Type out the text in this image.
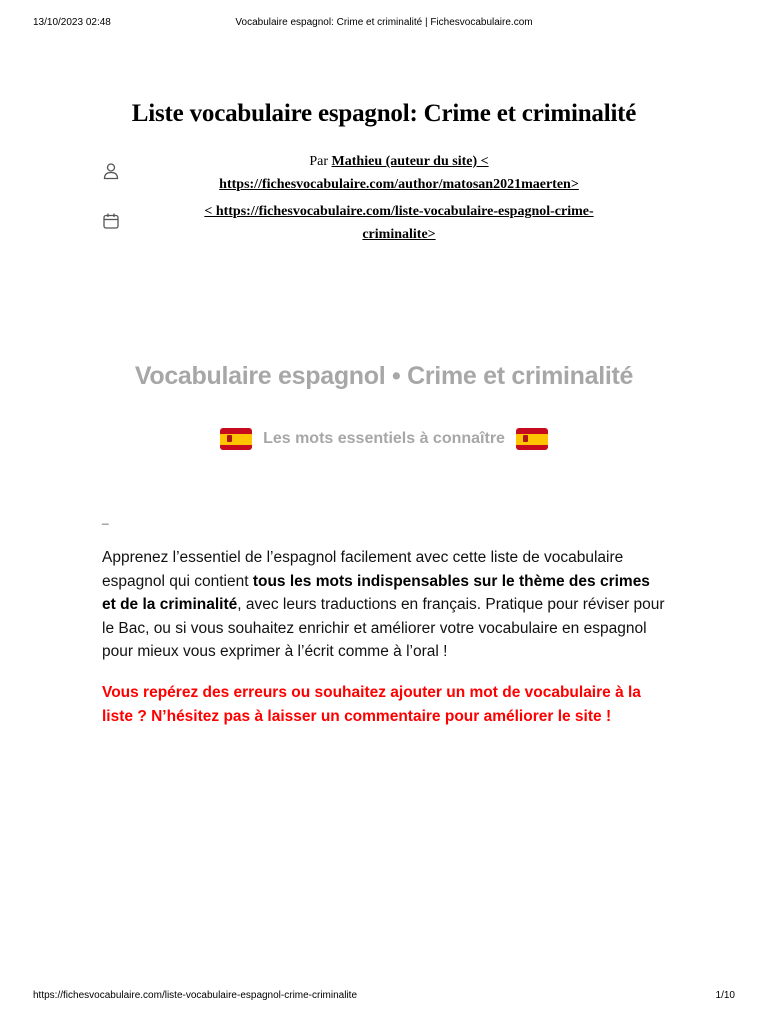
13/10/2023 02:48	Vocabulaire espagnol: Crime et criminalité | Fichesvocabulaire.com
Liste vocabulaire espagnol: Crime et criminalité
Par Mathieu (auteur du site) <
https://fichesvocabulaire.com/author/matosan2021maerten>
< https://fichesvocabulaire.com/liste-vocabulaire-espagnol-crime-
criminalite>
Vocabulaire espagnol • Crime et criminalité
Les mots essentiels à connaître
_

Apprenez l’essentiel de l’espagnol facilement avec cette liste de vocabulaire espagnol qui contient tous les mots indispensables sur le thème des crimes et de la criminalité, avec leurs traductions en français. Pratique pour réviser pour le Bac, ou si vous souhaitez enrichir et améliorer votre vocabulaire en espagnol pour mieux vous exprimer à l’écrit comme à l’oral !

Vous repérez des erreurs ou souhaitez ajouter un mot de vocabulaire à la liste ? N’hésitez pas à laisser un commentaire pour améliorer le site !

https://fichesvocabulaire.com/liste-vocabulaire-espagnol-crime-criminalite	1/10
